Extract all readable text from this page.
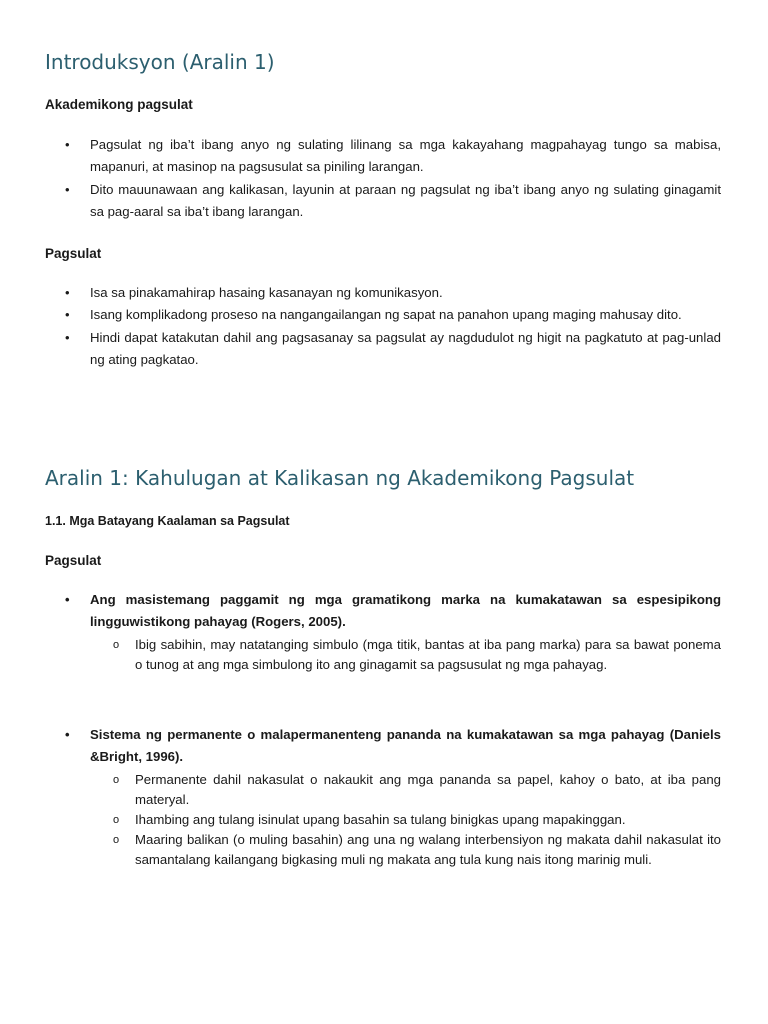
Introduksyon (Aralin 1)
Akademikong pagsulat
•	Pagsulat ng iba’t ibang anyo ng sulating lilinang sa mga kakayahang magpahayag tungo sa mabisa, mapanuri, at masinop na pagsusulat sa piniling larangan.
•	Dito mauunawaan ang kalikasan, layunin at paraan ng pagsulat ng iba’t ibang anyo ng sulating ginagamit sa pag-aaral sa iba’t ibang larangan.
Pagsulat
•	Isa sa pinakamahirap hasaing kasanayan ng komunikasyon.
•	Isang komplikadong proseso na nangangailangan ng sapat na panahon upang maging mahusay dito.
•	Hindi dapat katakutan dahil ang pagsasanay sa pagsulat ay nagdudulot ng higit na pagkatuto at pag-unlad ng ating pagkatao.
Aralin 1: Kahulugan at Kalikasan ng Akademikong Pagsulat
1.1. Mga Batayang Kaalaman sa Pagsulat
Pagsulat
•	Ang masistemang paggamit ng mga gramatikong marka na kumakatawan sa espesipikong lingguwistikong pahayag (Rogers, 2005).
o Ibig sabihin, may natatanging simbulo (mga titik, bantas at iba pang marka) para sa bawat ponema o tunog at ang mga simbulong ito ang ginagamit sa pagsusulat ng mga pahayag.
•	Sistema ng permanente o malapermanenteng pananda na kumakatawan sa mga pahayag (Daniels &Bright, 1996).
o Permanente dahil nakasulat o nakaukit ang mga pananda sa papel, kahoy o bato, at iba pang materyal.
o Ihambing ang tulang isinulat upang basahin sa tulang binigkas upang mapakinggan.
o Maaring balikan (o muling basahin) ang una ng walang interbensiyon ng makata dahil nakasulat ito samantalang kailangang bigkasing muli ng makata ang tula kung nais itong marinig muli.
